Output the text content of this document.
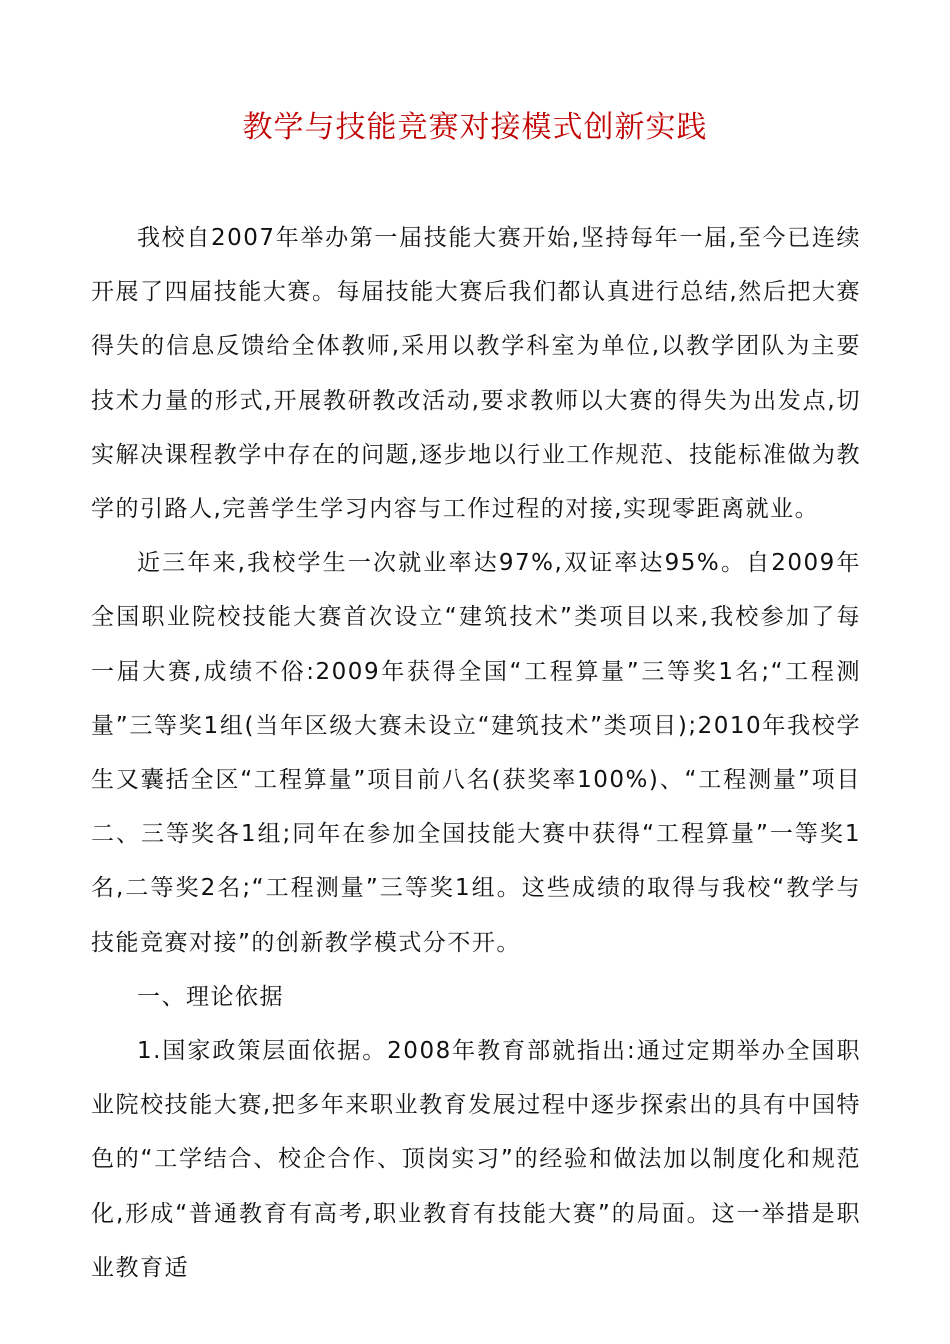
教学与技能竞赛对接模式创新实践

我校自2007年举办第一届技能大赛开始,坚持每年一届,至今已连续开展了四届技能大赛。每届技能大赛后我们都认真进行总结,然后把大赛得失的信息反馈给全体教师,采用以教学科室为单位,以教学团队为主要技术力量的形式,开展教研教改活动,要求教师以大赛的得失为出发点,切实解决课程教学中存在的问题,逐步地以行业工作规范、技能标准做为教学的引路人,完善学生学习内容与工作过程的对接,实现零距离就业。

近三年来,我校学生一次就业率达97%,双证率达95%。自2009年全国职业院校技能大赛首次设立“建筑技术”类项目以来,我校参加了每一届大赛,成绩不俗:2009年获得全国“工程算量”三等奖1名;“工程测量”三等奖1组(当年区级大赛未设立“建筑技术”类项目);2010年我校学生又囊括全区“工程算量”项目前八名(获奖率100%)、“工程测量”项目二、三等奖各1组;同年在参加全国技能大赛中获得“工程算量”一等奖1名,二等奖2名;“工程测量”三等奖1组。这些成绩的取得与我校“教学与技能竞赛对接”的创新教学模式分不开。

一、理论依据

1.国家政策层面依据。2008年教育部就指出:通过定期举办全国职业院校技能大赛,把多年来职业教育发展过程中逐步探索出的具有中国特色的“工学结合、校企合作、顶岗实习”的经验和做法加以制度化和规范化,形成“普通教育有高考,职业教育有技能大赛”的局面。这一举措是职业教育适
